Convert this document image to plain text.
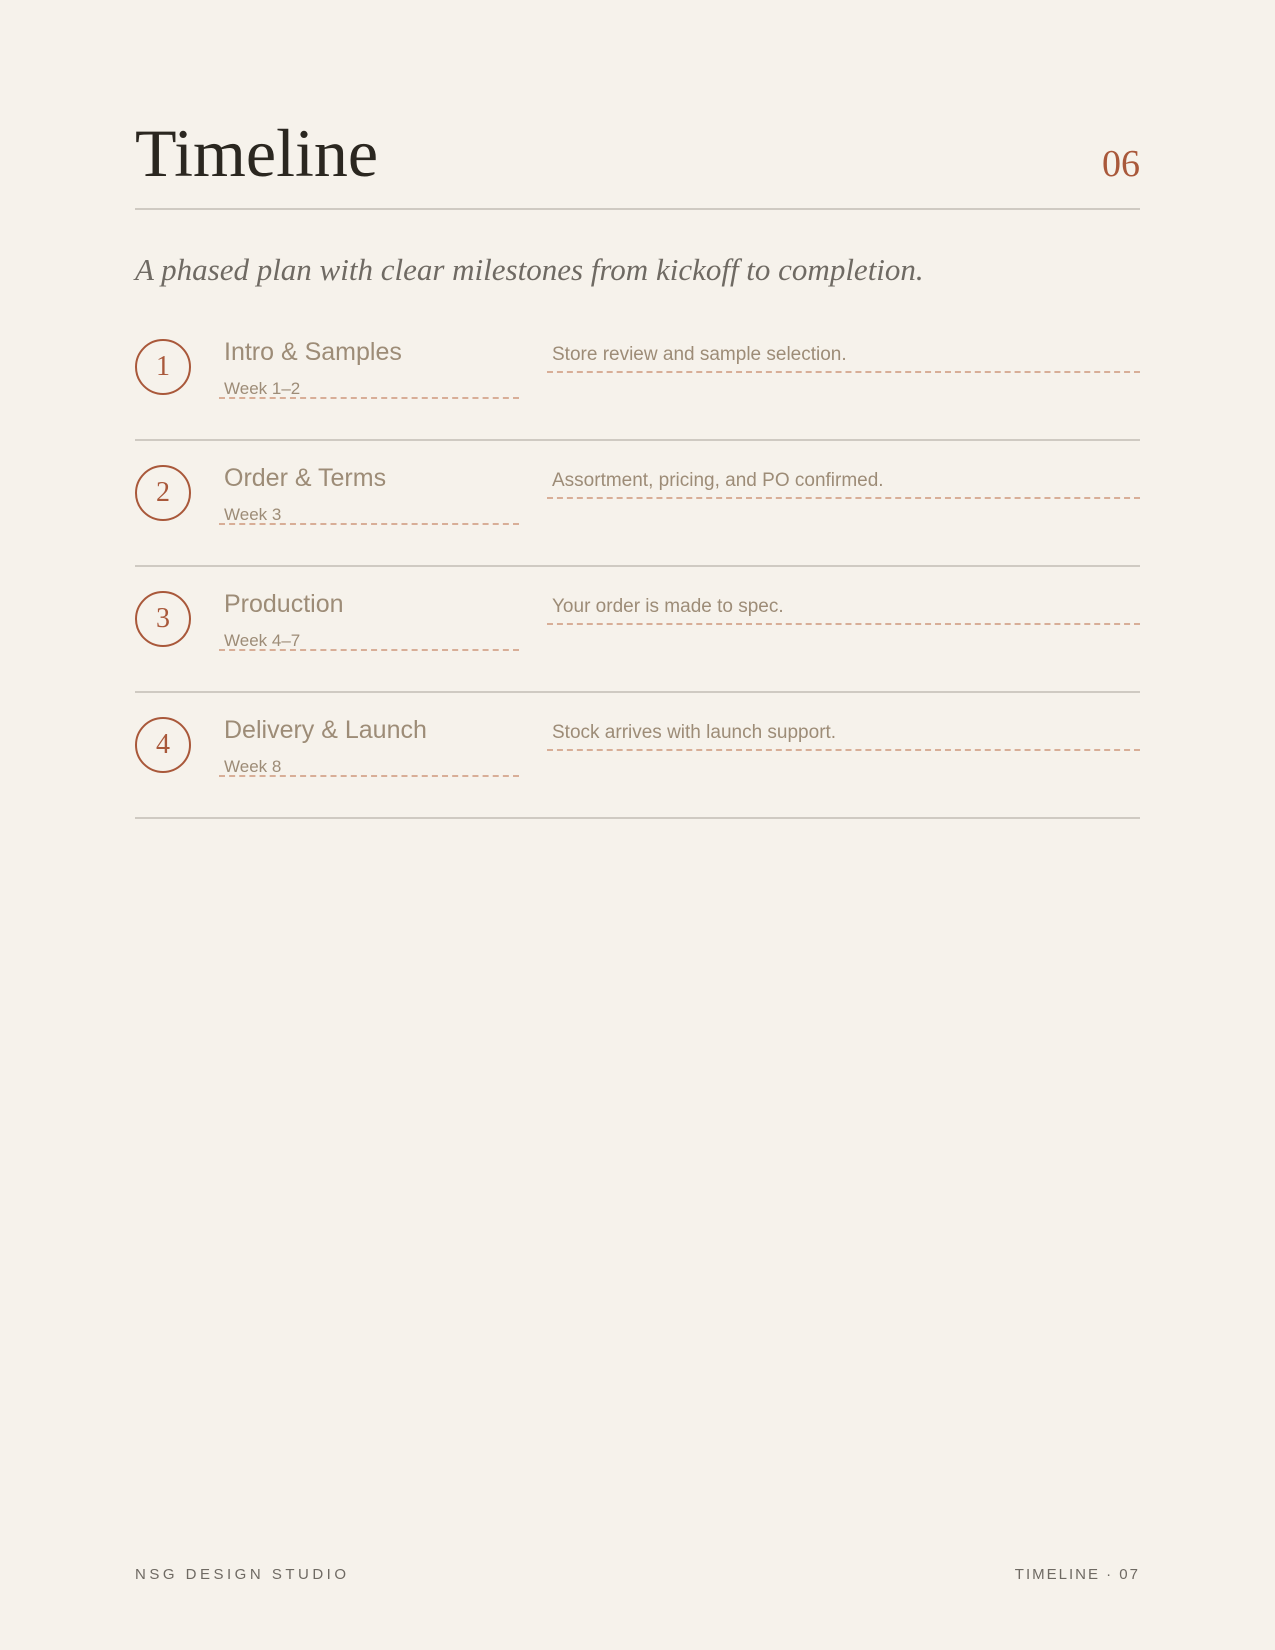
Timeline	06

A phased plan with clear milestones from kickoff to completion.

1	Intro & Samples
Week 1–2
Store review and sample selection.
2	Order & Terms
Week 3
Assortment, pricing, and PO confirmed.
3	Production
Week 4–7
Your order is made to spec.
4	Delivery & Launch
Week 8
Stock arrives with launch support.
NSG DESIGN STUDIO	TIMELINE · 07
